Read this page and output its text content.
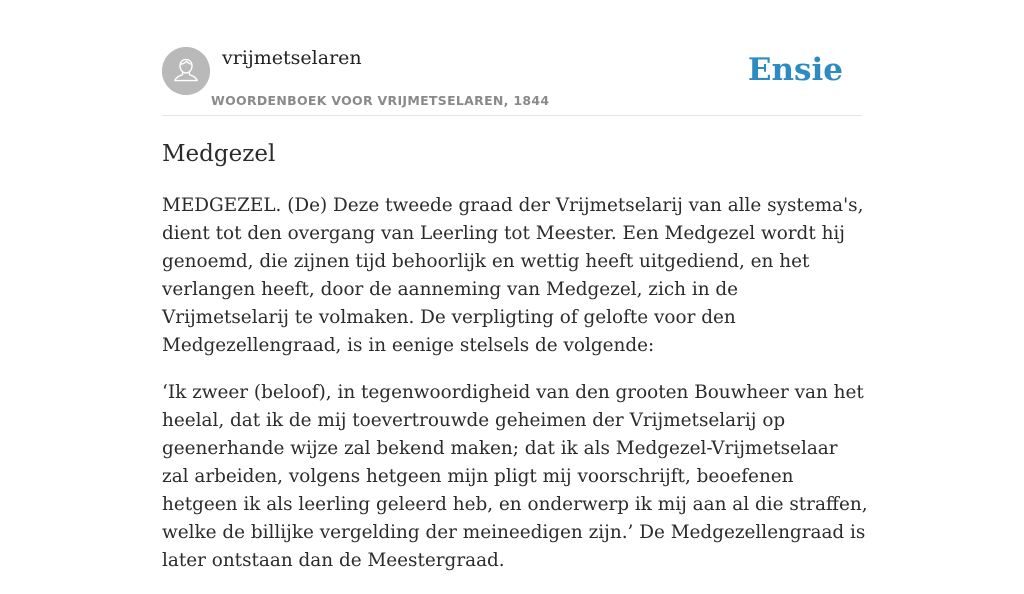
vrijmetselaren
WOORDENBOEK VOOR VRIJMETSELAREN, 1844
Ensie
Medgezel

MEDGEZEL. (De) Deze tweede graad der Vrijmetselarij van alle systema's, dient tot den overgang van Leerling tot Meester. Een Medgezel wordt hij genoemd, die zijnen tijd behoorlijk en wettig heeft uitgediend, en het verlangen heeft, door de aanneming van Medgezel, zich in de Vrijmetselarij te volmaken. De verpligting of gelofte voor den Medgezellengraad, is in eenige stelsels de volgende:

‘Ik zweer (beloof), in tegenwoordigheid van den grooten Bouwheer van het heelal, dat ik de mij toevertrouwde geheimen der Vrijmetselarij op geenerhande wijze zal bekend maken; dat ik als Medgezel-Vrijmetselaar zal arbeiden, volgens hetgeen mijn pligt mij voorschrijft, beoefenen hetgeen ik als leerling geleerd heb, en onderwerp ik mij aan al die straffen, welke de billijke vergelding der meineedigen zijn.’ De Medgezellengraad is later ontstaan dan de Meestergraad.
